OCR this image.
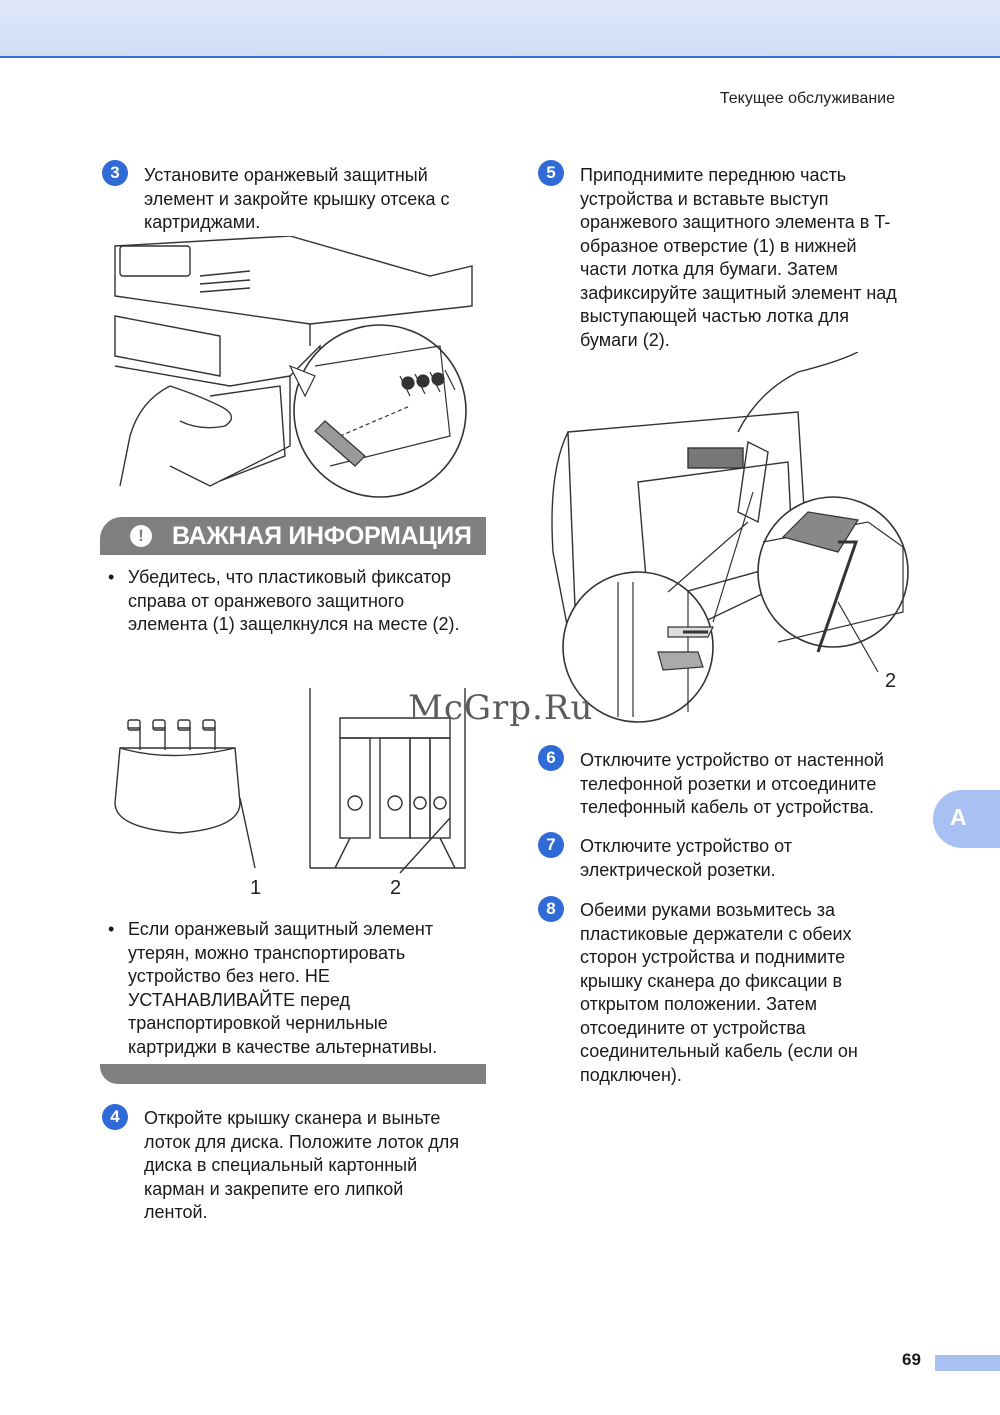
Текущее обслуживание
3	Установите оранжевый защитный
элемент и закройте крышку отсека с
картриджами.
!	ВАЖНАЯ ИНФОРМАЦИЯ
• Убедитесь, что пластиковый фиксатор
справа от оранжевого защитного
элемента (1) защелкнулся на месте (2).
1	2
• Если оранжевый защитный элемент
утерян, можно транспортировать
устройство без него. НЕ
УСТАНАВЛИВАЙТЕ перед
транспортировкой чернильные
картриджи в качестве альтернативы.
4	Откройте крышку сканера и выньте
лоток для диска. Положите лоток для
диска в специальный картонный
карман и закрепите его липкой
лентой.
5	Приподнимите переднюю часть
устройства и вставьте выступ
оранжевого защитного элемента в T-
образное отверстие (1) в нижней
части лотка для бумаги. Затем
зафиксируйте защитный элемент над
выступающей частью лотка для
бумаги (2).
2
McGrp.Ru
6	Отключите устройство от настенной
телефонной розетки и отсоедините
телефонный кабель от устройства.
7	Отключите устройство от
электрической розетки.
8	Обеими руками возьмитесь за
пластиковые держатели с обеих
сторон устройства и поднимите
крышку сканера до фиксации в
открытом положении. Затем
отсоедините от устройства
соединительный кабель (если он
подключен).
A
69
